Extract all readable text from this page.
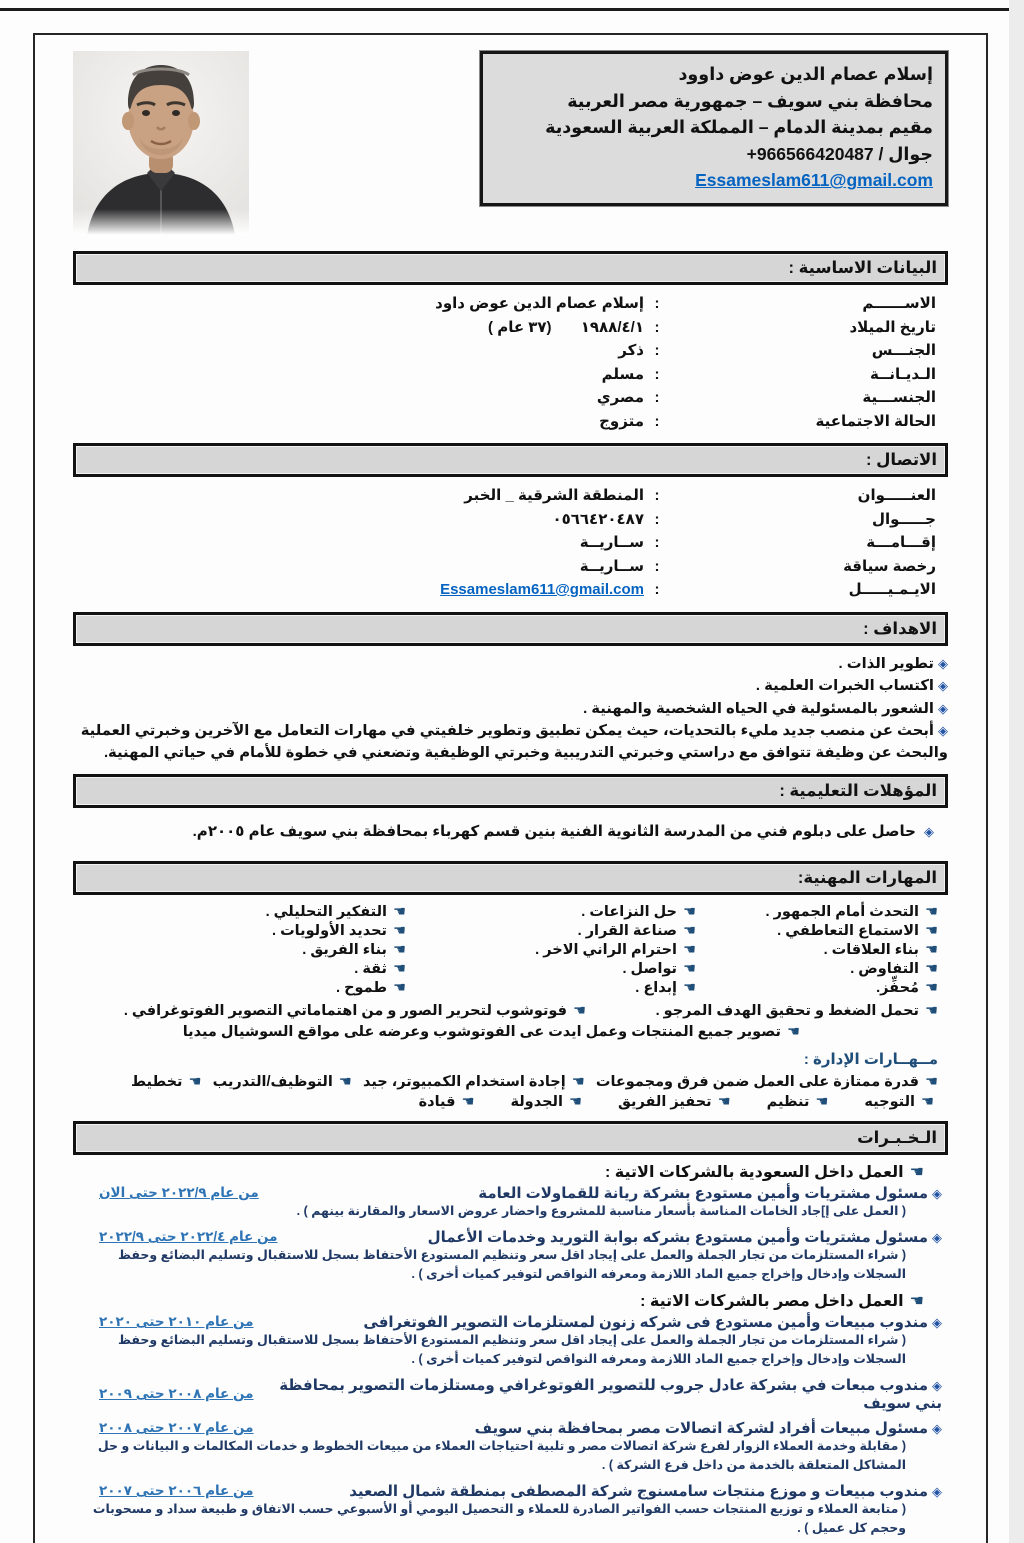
إسلام عصام الدين عوض داوود
محافظة بني سويف – جمهورية مصر العربية
مقيم بمدينة الدمام – المملكة العربية السعودية
جوال / 966566420487+
Essameslam611@gmail.com
البيانات الاساسية :
الاســــــم
:
إسلام عصام الدين عوض داود
تاريخ الميلاد
:
١٩٨٨/٤/١       (٣٧ عام )
الجنـــس
:
ذكر
الـديـانــة
:
مسلم
الجنســـية
:
مصري
الحالة الاجتماعية
:
متزوج
الاتصال :
العنـــــوان
:
المنطقة الشرقية _ الخبر
جـــــوال
:
٠٥٦٦٤٢٠٤٨٧
إقـــامـــة
:
ســاريــة
رخصة سياقة
:
ســاريــة
الايـمـيـــــل
:
Essameslam611@gmail.com
الاهداف :
◈تطوير الذات .
◈اكتساب الخبرات العلمية .
◈الشعور بالمسئولية في الحياه الشخصية والمهنية .
◈أبحث عن منصب جديد مليء بالتحديات، حيث يمكن تطبيق وتطوير خلفيتي في مهارات التعامل مع الآخرين وخبرتي العملية والبحث عن وظيفة تتوافق مع دراستي وخبرتي التدريبية وخبرتي الوظيفية وتضعني في خطوة للأمام في حياتي المهنية.
المؤهلات التعليمية :
◈حاصل على دبلوم فني من المدرسة الثانوية الفنية بنين قسم كهرباء بمحافظة بني سويف عام ٢٠٠٥م.
المهارات المهنية:
☚التحدث أمام الجمهور .
☚حل النزاعات .
☚التفكير التحليلي .
☚الاستماع التعاطفي .
☚صناعة القرار .
☚تحديد الأولويات .
☚بناء العلاقات .
☚احترام الراني الاخر .
☚بناء الفريق .
☚التفاوض .
☚تواصل .
☚ثقة .
☚مُحفِّز.
☚إبداع .
☚طموح .
☚تحمل الضغط و تحقيق الهدف المرجو .
☚فوتوشوب لتحرير الصور و من اهتماماتي التصوير الفوتوغرافي .
☚تصوير جميع المنتجات وعمل ايدت عى الفوتوشوب وعرضه على مواقع السوشيال ميديا
مــهــارات الإدارة :
☚قدرة ممتازة على العمل ضمن فرق ومجموعات
☚إجادة استخدام الكمبيوتر، جيد
☚التوظيف/التدريب
☚تخطيط
☚التوجيه
☚تنظيم
☚تحفيز الفريق
☚الجدولة
☚قيادة
الـخـبـرات
☚العمل داخل السعودية بالشركات الاتية :
◈مسئول مشتريات وأمين مستودع بشركة ريانة للقماولات العامة
من عام ٢٠٢٢/٩ حتى الان
( العمل على إ]جاد الخامات المناسة بأسعار مناسبة للمشروع واحضار عروض الاسعار والمقارنة بينهم ) .
◈مسئول مشتريات وأمين مستودع بشركه بوابة التوريد وخدمات الأعمال
من عام ٢٠٢٢/٤ حتى ٢٠٢٢/٩
( شراء المستلزمات من تجار الجملة والعمل على إيجاد اقل سعر وتنظيم المستودع الأحتفاظ بسجل للاستقبال وتسليم البضائع وحفظ السجلات وإدخال وإخراج جميع الماد اللازمة ومعرفه النواقص لتوفير كميات أخرى ) .
☚العمل داخل مصر بالشركات الاتية :
◈مندوب مبيعات وأمين مستودع فى شركه زنون لمستلزمات التصوير الفوتغرافى
من عام ٢٠١٠ حتى ٢٠٢٠
( شراء المستلزمات من تجار الجملة والعمل على إيجاد اقل سعر وتنظيم المستودع الأحتفاظ بسجل للاستقبال وتسليم البضائع وحفظ السجلات وإدخال وإخراج جميع الماد اللازمة ومعرفه النواقص لتوفير كميات أخرى ) .
◈مندوب مبعات في بشركة عادل جروب للتصوير الفوتوغرافي ومستلزمات التصوير بمحافظة بني سويف
من عام ٢٠٠٨ حتى ٢٠٠٩
◈مسئول مبيعات أفراد لشركة اتصالات مصر بمحافظة بني سويف
من عام ٢٠٠٧ حتى ٢٠٠٨
( مقابلة وخدمة العملاء الزوار لفرع شركة اتصالات مصر و تلبية احتياجات العملاء من مبيعات الخطوط و خدمات المكالمات و البيانات و حل المشاكل المتعلقة بالخدمة من داخل فرع الشركة ) .
◈مندوب مبيعات و موزع منتجات سامسنوج شركة المصطفى بمنطقة شمال الصعيد
من عام ٢٠٠٦ حتى ٢٠٠٧
( متابعة العملاء و توزيع المنتجات حسب الفواتير الصادرة للعملاء و التحصيل اليومي أو الأسبوعي حسب الاتفاق و طبيعة سداد و مسحوبات وحجم كل عميل ) .
